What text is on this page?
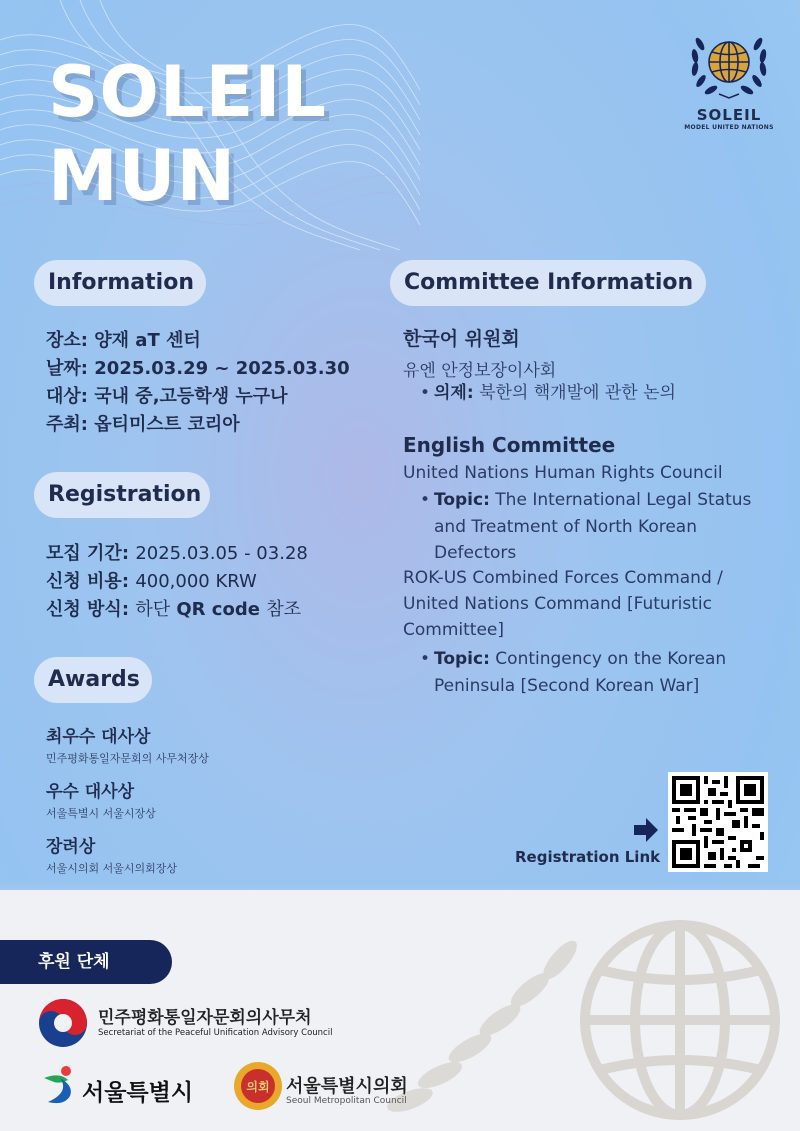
SOLEIL
MUN
SOLEIL
MODEL UNITED NATIONS
Information
장소: 양재 aT 센터
날짜: 2025.03.29 ~ 2025.03.30
대상: 국내 중,고등학생 누구나
주최: 옵티미스트 코리아
Registration
모집 기간: 2025.03.05 - 03.28
신청 비용: 400,000 KRW
신청 방식: 하단 QR code 참조
Awards
최우수 대사상
민주평화통일자문회의 사무처장상
우수 대사상
서울특별시 서울시장상
장려상
서울시의회 서울시의회장상
Committee Information
한국어 위원회
유엔 안정보장이사회
• 의제: 북한의 핵개발에 관한 논의
English Committee
United Nations Human Rights Council
• Topic: The International Legal Status and Treatment of North Korean Defectors
ROK-US Combined Forces Command /
United Nations Command [Futuristic
Committee]
• Topic: Contingency on the Korean Peninsula [Second Korean War]
Registration Link
후원 단체
민주평화통일자문회의사무처
Secretariat of the Peaceful Unification Advisory Council
서울특별시	의회 서울특별시의회
Seoul Metropolitan Council
